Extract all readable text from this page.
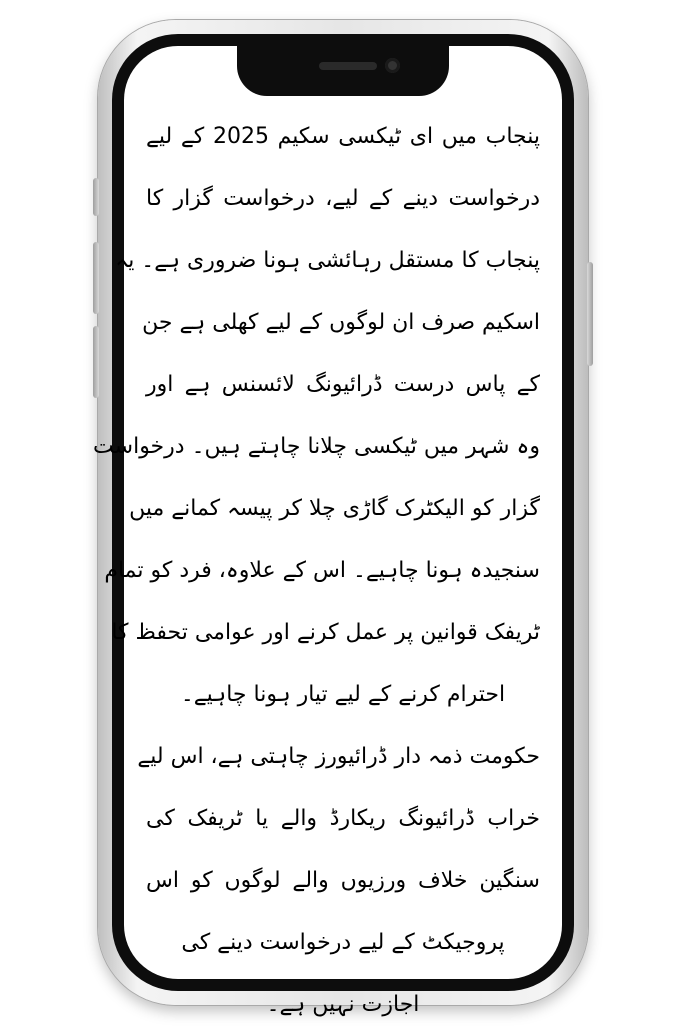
پنجاب میں ای ٹیکسی سکیم 2025 کے لیے
درخواست دینے کے لیے، درخواست گزار کا
پنجاب کا مستقل رہائشی ہونا ضروری ہے۔ یہ
اسکیم صرف ان لوگوں کے لیے کھلی ہے جن
کے پاس درست ڈرائیونگ لائسنس ہے اور
وہ شہر میں ٹیکسی چلانا چاہتے ہیں۔ درخواست
گزار کو الیکٹرک گاڑی چلا کر پیسہ کمانے میں
سنجیدہ ہونا چاہیے۔ اس کے علاوہ، فرد کو تمام
ٹریفک قوانین پر عمل کرنے اور عوامی تحفظ کا
احترام کرنے کے لیے تیار ہونا چاہیے۔
حکومت ذمہ دار ڈرائیورز چاہتی ہے، اس لیے
خراب ڈرائیونگ ریکارڈ والے یا ٹریفک کی
سنگین خلاف ورزیوں والے لوگوں کو اس
پروجیکٹ کے لیے درخواست دینے کی
اجازت نہیں ہے۔
